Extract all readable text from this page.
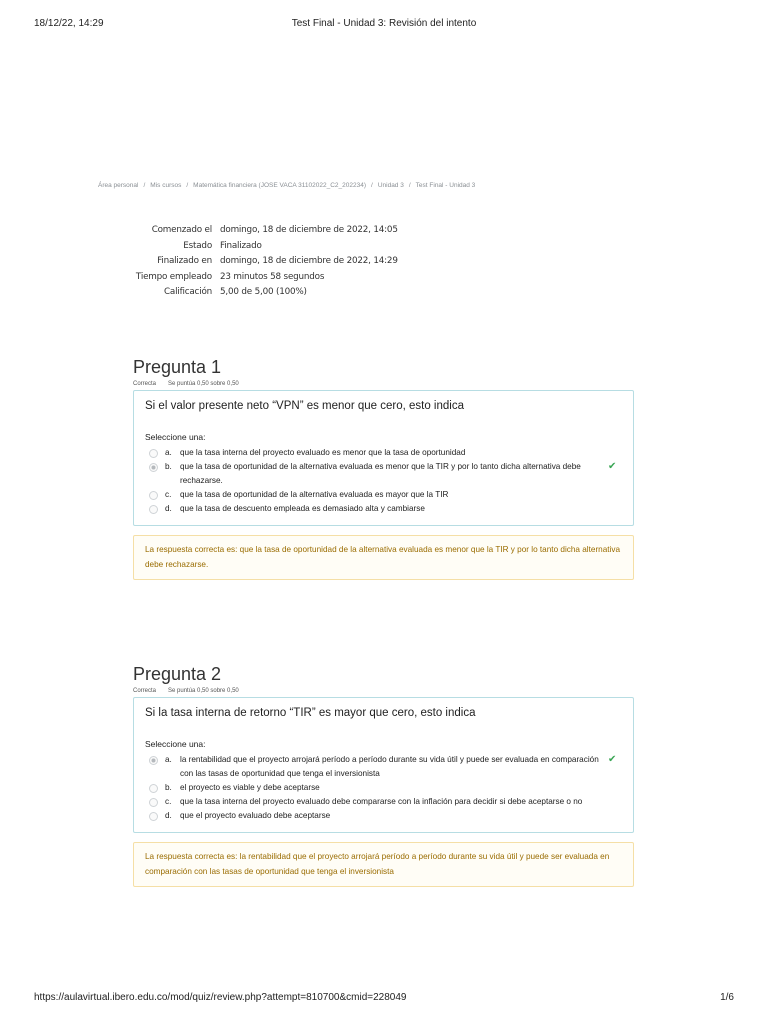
18/12/22, 14:29	Test Final - Unidad 3: Revisión del intento
Área personal / Mis cursos / Matemática financiera (JOSE VACA 31102022_C2_202234) / Unidad 3 / Test Final - Unidad 3
Comenzado el domingo, 18 de diciembre de 2022, 14:05
Estado Finalizado
Finalizado en domingo, 18 de diciembre de 2022, 14:29
Tiempo empleado 23 minutos 58 segundos
Calificación 5,00 de 5,00 (100%)
Pregunta 1
Correcta Se puntúa 0,50 sobre 0,50
Si el valor presente neto “VPN” es menor que cero, esto indica
Seleccione una:
a. que la tasa interna del proyecto evaluado es menor que la tasa de oportunidad
b. que la tasa de oportunidad de la alternativa evaluada es menor que la TIR y por lo tanto dicha alternativa debe rechazarse.
✔
c.	que la tasa de oportunidad de la alternativa evaluada es mayor que la TIR
d. que la tasa de descuento empleada es demasiado alta y cambiarse
La respuesta correcta es: que la tasa de oportunidad de la alternativa evaluada es menor que la TIR y por lo tanto dicha alternativa debe rechazarse.
Pregunta 2
Correcta Se puntúa 0,50 sobre 0,50
Si la tasa interna de retorno “TIR” es mayor que cero, esto indica
Seleccione una:
a. la rentabilidad que el proyecto arrojará período a período durante su vida útil y puede ser evaluada en comparación con las tasas de oportunidad que tenga el inversionista
✔
b. el proyecto es viable y debe aceptarse
c.	que la tasa interna del proyecto evaluado debe compararse con la inflación para decidir si debe aceptarse o no
d. que el proyecto evaluado debe aceptarse
La respuesta correcta es: la rentabilidad que el proyecto arrojará período a período durante su vida útil y puede ser evaluada en comparación con las tasas de oportunidad que tenga el inversionista
https://aulavirtual.ibero.edu.co/mod/quiz/review.php?attempt=810700&cmid=228049	1/6
